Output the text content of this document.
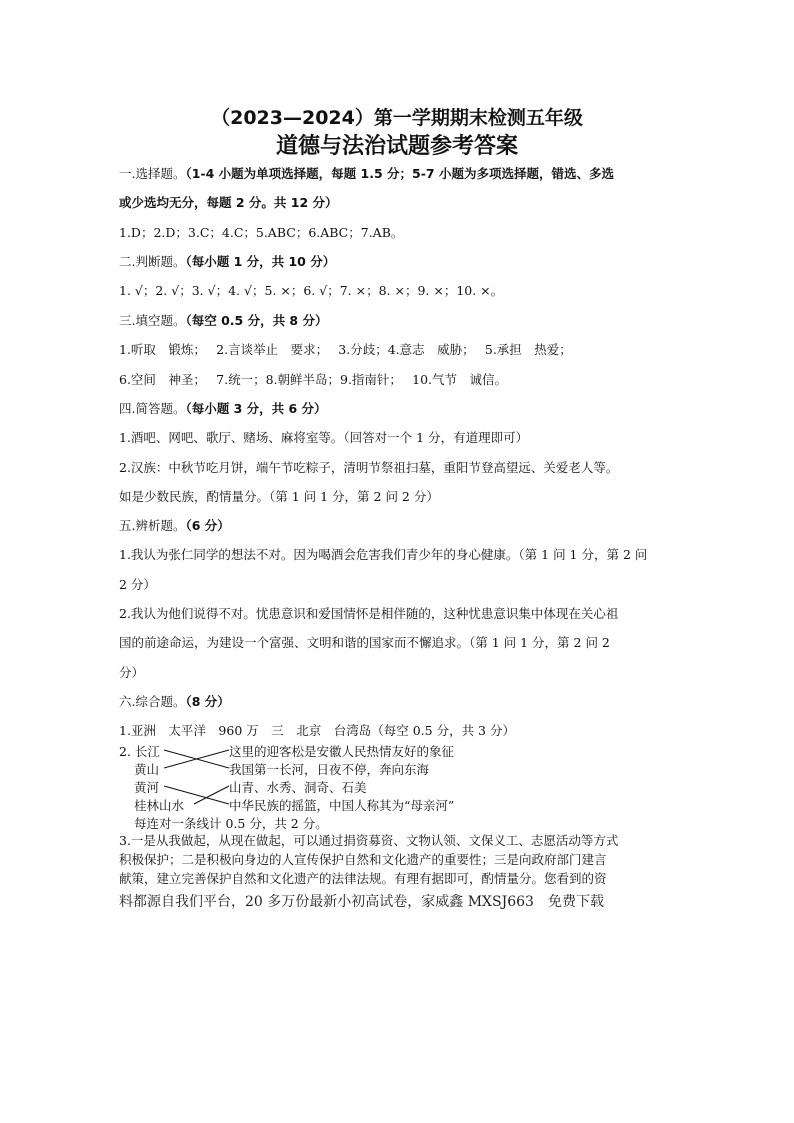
（2023—2024）第一学期期末检测五年级
道德与法治试题参考答案
一.选择题。（1-4 小题为单项选择题，每题 1.5 分；5-7 小题为多项选择题，错选、多选
或少选均无分，每题 2 分。共 12 分）
1.D；2.D；3.C；4.C；5.ABC；6.ABC；7.AB。
二.判断题。（每小题 1 分，共 10 分）
1. √；2. √；3. √；4. √；5. ×；6. √；7. ×；8. ×；9. ×；10. ×。
三.填空题。（每空 0.5 分，共 8 分）
1.听取　锻炼；　 2.言谈举止　要求；　 3.分歧；4.意志　威胁；　 5.承担　热爱；
6.空间　神圣；　 7.统一；8.朝鲜半岛；9.指南针；　 10.气节　诚信。
四.简答题。（每小题 3 分，共 6 分）
1.酒吧、网吧、歌厅、赌场、麻将室等。（回答对一个 1 分，有道理即可）
2.汉族：中秋节吃月饼，端午节吃粽子，清明节祭祖扫墓，重阳节登高望远、关爱老人等。
如是少数民族，酌情量分。（第 1 问 1 分，第 2 问 2 分）
五.辨析题。（6 分）
1.我认为张仁同学的想法不对。因为喝酒会危害我们青少年的身心健康。（第 1 问 1 分，第 2 问
2 分）
2.我认为他们说得不对。忧患意识和爱国情怀是相伴随的，这种忧患意识集中体现在关心祖
国的前途命运，为建设一个富强、文明和谐的国家而不懈追求。（第 1 问 1 分，第 2 问 2
分）
六.综合题。（8 分）
1.亚洲　太平洋　960 万　三　北京　台湾岛（每空 0.5 分，共 3 分）
2. 长江
黄山
黄河
桂林山水
这里的迎客松是安徽人民热情友好的象征
我国第一长河，日夜不停，奔向东海
山青、水秀、洞奇、石美
中华民族的摇篮，中国人称其为“母亲河”
每连对一条线计 0.5 分，共 2 分。
3.一是从我做起，从现在做起，可以通过捐资募资、文物认领、文保义工、志愿活动等方式
积极保护；二是积极向身边的人宣传保护自然和文化遗产的重要性；三是向政府部门建言
献策，建立完善保护自然和文化遗产的法律法规。有理有据即可，酌情量分。您看到的资
料都源自我们平台，20 多万份最新小初高试卷，家威鑫 MXSJ663　免费下载
